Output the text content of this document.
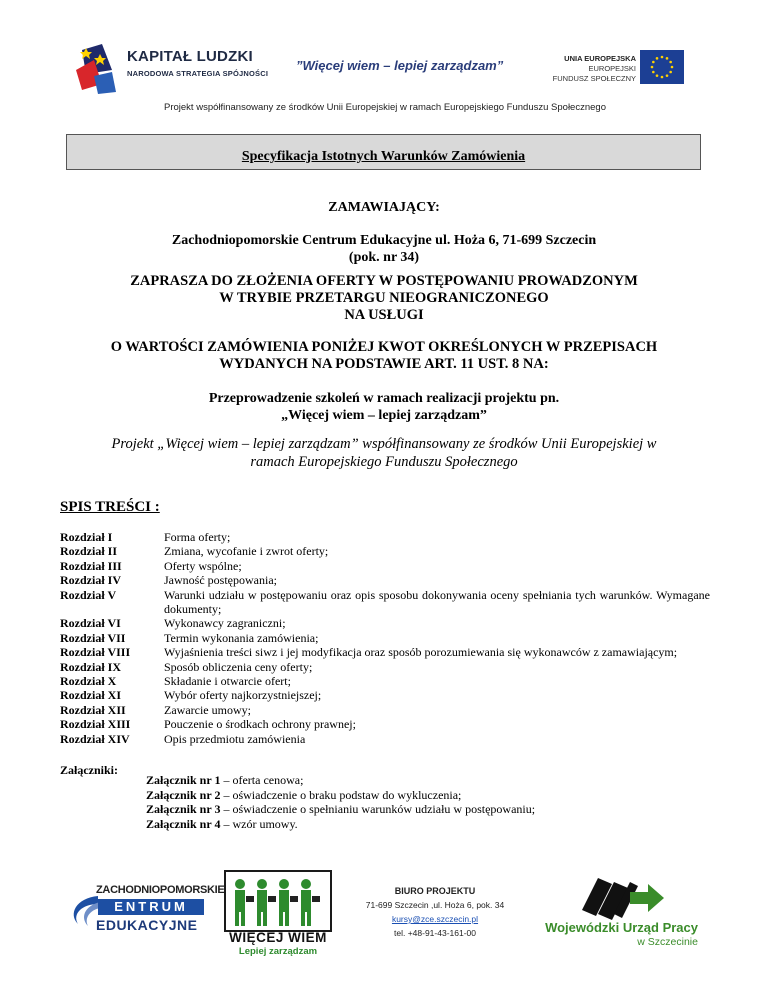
KAPITAŁ LUDZKI
NARODOWA STRATEGIA SPÓJNOŚCI
”Więcej wiem – lepiej zarządzam”	UNIA EUROPEJSKA
EUROPEJSKI
FUNDUSZ SPOŁECZNY
Projekt współfinansowany ze środków Unii Europejskiej w ramach Europejskiego Funduszu Społecznego
Specyfikacja Istotnych Warunków Zamówienia
ZAMAWIAJĄCY:
Zachodniopomorskie Centrum Edukacyjne ul. Hoża 6, 71-699 Szczecin
(pok. nr 34)
ZAPRASZA DO ZŁOŻENIA OFERTY W POSTĘPOWANIU PROWADZONYM
W TRYBIE PRZETARGU NIEOGRANICZONEGO
NA USŁUGI
O WARTOŚCI ZAMÓWIENIA PONIŻEJ KWOT OKREŚLONYCH W PRZEPISACH
WYDANYCH NA PODSTAWIE ART. 11 UST. 8 NA:
Przeprowadzenie szkoleń w ramach realizacji projektu pn.
„Więcej wiem – lepiej zarządzam”
Projekt „Więcej wiem – lepiej zarządzam” współfinansowany ze środków Unii Europejskiej w
ramach Europejskiego Funduszu Społecznego
SPIS TREŚCI :
Rozdział I	Forma oferty;
Rozdział II	Zmiana, wycofanie i zwrot oferty;
Rozdział III	Oferty wspólne;
Rozdział IV	Jawność postępowania;
Rozdział V	Warunki udziału w postępowaniu oraz opis sposobu dokonywania oceny spełniania tych warunków. Wymagane dokumenty;
Rozdział VI	Wykonawcy zagraniczni;
Rozdział VII	Termin wykonania zamówienia;
Rozdział VIII	Wyjaśnienia treści siwz i jej modyfikacja oraz sposób porozumiewania się wykonawców z zamawiającym;
Rozdział IX	Sposób obliczenia ceny oferty;
Rozdział X	Składanie i otwarcie ofert;
Rozdział XI	Wybór oferty najkorzystniejszej;
Rozdział XII	Zawarcie umowy;
Rozdział XIII	Pouczenie o środkach ochrony prawnej;
Rozdział XIV	Opis przedmiotu zamówienia
Załączniki:
Załącznik nr 1 – oferta cenowa;
Załącznik nr 2 – oświadczenie o braku podstaw do wykluczenia;
Załącznik nr 3 – oświadczenie o spełnianiu warunków udziału w postępowaniu;
Załącznik nr 4 – wzór umowy.
ZACHODNIOPOMORSKIE
ENTRUM
EDUKACYJNE
WIĘCEJ WIEM
Lepiej zarządzam
BIURO PROJEKTU
71-699 Szczecin ,ul. Hoża 6, pok. 34
kursy@zce.szczecin.pl
tel. +48-91-43-161-00	Wojewódzki Urząd Pracy
w Szczecinie
